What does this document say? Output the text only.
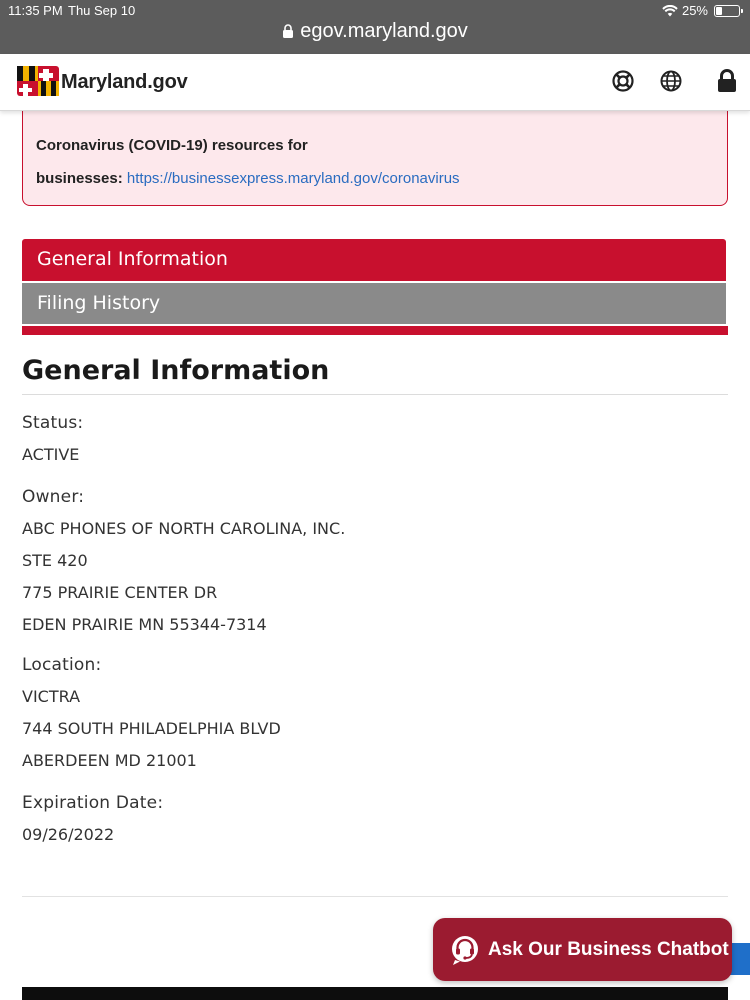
11:35 PM Thu Sep 10	25%
egov.maryland.gov
Maryland.gov
Coronavirus (COVID-19) resources for
businesses: https://businessexpress.maryland.gov/coronavirus
General Information
Filing History
General Information
Status:
ACTIVE
Owner:
ABC PHONES OF NORTH CAROLINA, INC.
STE 420
775 PRAIRIE CENTER DR
EDEN PRAIRIE MN 55344-7314
Location:
VICTRA
744 SOUTH PHILADELPHIA BLVD
ABERDEEN MD 21001
Expiration Date:
09/26/2022
Ask Our Business Chatbot
